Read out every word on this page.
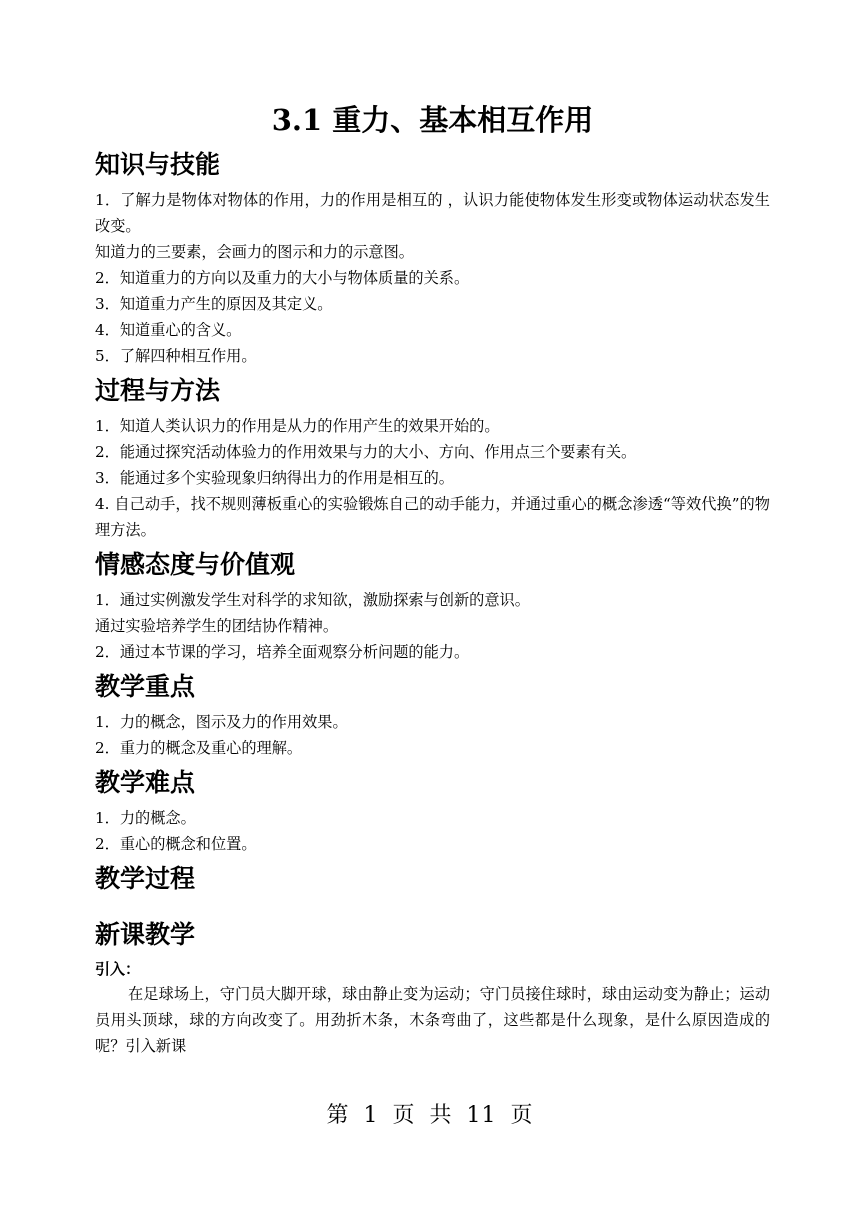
3.1 重力、基本相互作用
知识与技能
1．了解力是物体对物体的作用，力的作用是相互的 ，认识力能使物体发生形变或物体运动状态发生改变。
知道力的三要素，会画力的图示和力的示意图。
2．知道重力的方向以及重力的大小与物体质量的关系。
3．知道重力产生的原因及其定义。
4．知道重心的含义。
5．了解四种相互作用。
过程与方法
1．知道人类认识力的作用是从力的作用产生的效果开始的。
2．能通过探究活动体验力的作用效果与力的大小、方向、作用点三个要素有关。
3．能通过多个实验现象归纳得出力的作用是相互的。
4. 自己动手，找不规则薄板重心的实验锻炼自己的动手能力，并通过重心的概念渗透“等效代换”的物理方法。
情感态度与价值观
1．通过实例激发学生对科学的求知欲，激励探索与创新的意识。
通过实验培养学生的团结协作精神。
2．通过本节课的学习，培养全面观察分析问题的能力。
教学重点
1．力的概念，图示及力的作用效果。
2．重力的概念及重心的理解。
教学难点
1．力的概念。
2．重心的概念和位置。
教学过程
新课教学
引入：
在足球场上，守门员大脚开球，球由静止变为运动；守门员接住球时，球由运动变为静止；运动员用头顶球，球的方向改变了。用劲折木条，木条弯曲了，这些都是什么现象，是什么原因造成的呢？引入新课
第 1 页 共 11 页
